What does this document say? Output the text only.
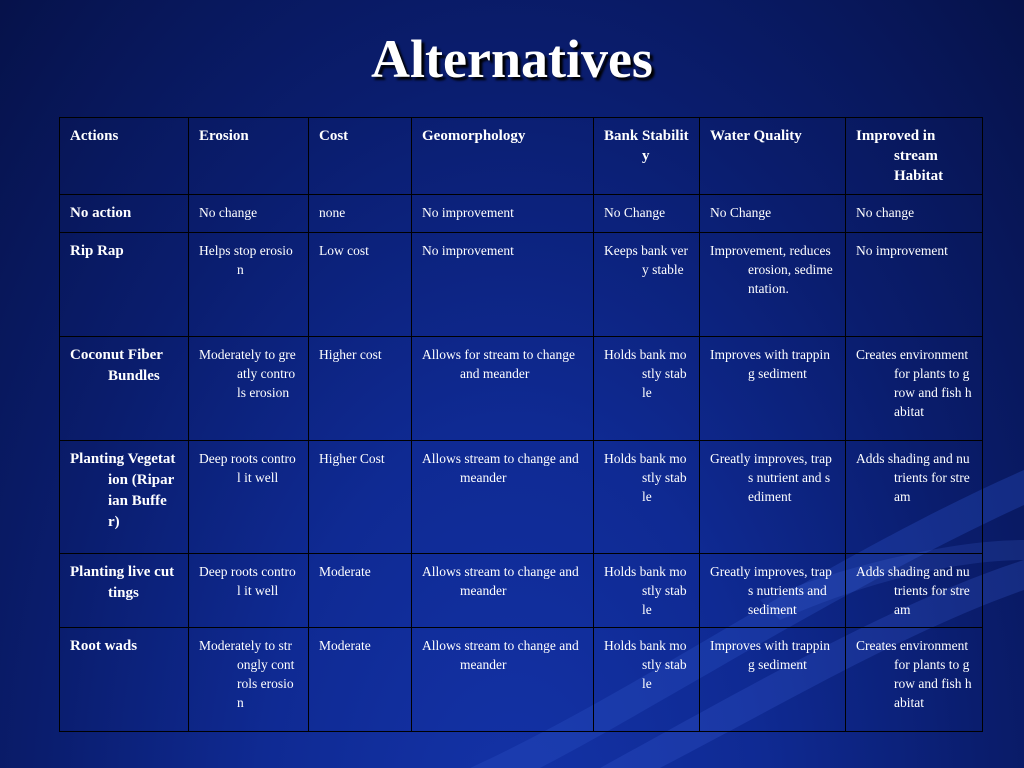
Alternatives
Actions	Erosion	Cost	Geomorphology	Bank Stability	Water Quality	Improved in stream Habitat

No action	No change	none	No improvement	No Change	No Change	No change

Rip Rap	Helps stop erosion	Low cost	No improvement	Keeps bank very stable	Improvement, reduces erosion, sedimentation.	No improvement

Coconut Fiber Bundles	Moderately to greatly controls erosion	Higher cost	Allows for stream to change and meander	Holds bank mostly stable	Improves with trapping sediment	Creates environment for plants to grow and fish habitat

Planting Vegetation (Riparian Buffer)	Deep roots control it well	Higher Cost	Allows stream to change and meander	Holds bank mostly stable	Greatly improves, traps nutrient and sediment	Adds shading and nutrients for stream

Planting live cuttings	Deep roots control it well	Moderate	Allows stream to change and meander	Holds bank mostly stable	Greatly improves, traps nutrients and sediment	Adds shading and nutrients for stream

Root wads	Moderately to strongly controls erosion	Moderate	Allows stream to change and meander	Holds bank mostly stable	Improves with trapping sediment	Creates environment for plants to grow and fish habitat
